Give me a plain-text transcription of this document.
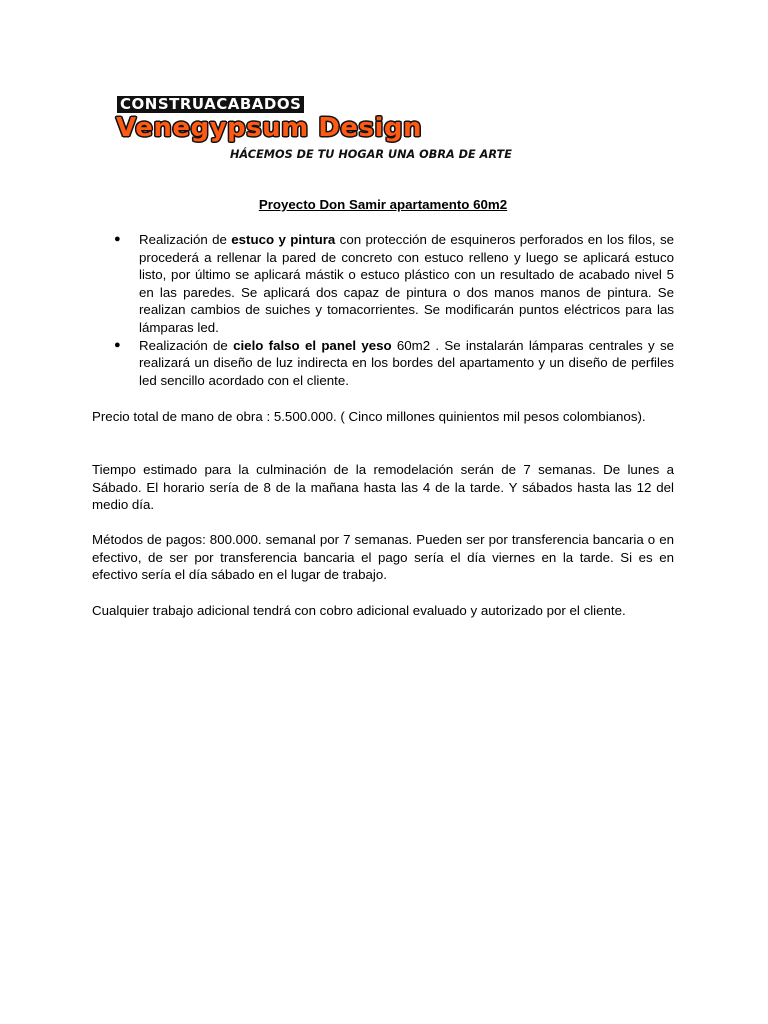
CONSTRUACABADOS
Venegypsum Design
HÁCEMOS DE TU HOGAR UNA OBRA DE ARTE
Proyecto Don Samir apartamento 60m2
● Realización de estuco y pintura con protección de esquineros perforados en los filos, se procederá a rellenar la pared de concreto con estuco relleno y luego se aplicará estuco listo, por último se aplicará mástik o estuco plástico con un resultado de acabado nivel 5 en las paredes. Se aplicará dos capaz de pintura o dos manos manos de pintura. Se realizan cambios de suiches y tomacorrientes. Se modificarán puntos eléctricos para las lámparas led.
● Realización de cielo falso el panel yeso 60m2 . Se instalarán lámparas centrales y se realizará un diseño de luz indirecta en los bordes del apartamento y un diseño de perfiles led sencillo acordado con el cliente.

Precio total de mano de obra : 5.500.000. ( Cinco millones quinientos mil pesos colombianos).

Tiempo estimado para la culminación de la remodelación serán de 7 semanas. De lunes a Sábado. El horario sería de 8 de la mañana hasta las 4 de la tarde. Y sábados hasta las 12 del medio día.

Métodos de pagos: 800.000. semanal por 7 semanas. Pueden ser por transferencia bancaria o en efectivo, de ser por transferencia bancaria el pago sería el día viernes en la tarde. Si es en efectivo sería el día sábado en el lugar de trabajo.

Cualquier trabajo adicional tendrá con cobro adicional evaluado y autorizado por el cliente.
